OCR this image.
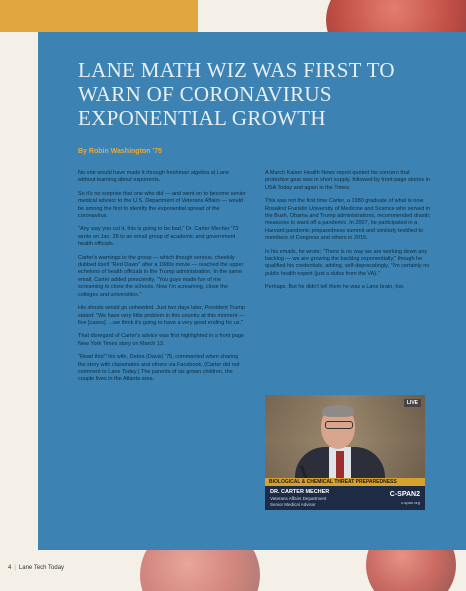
LANE MATH WIZ WAS FIRST TO WARN OF CORONAVIRUS EXPONENTIAL GROWTH

By Robin Washington '75

No one would have made it through freshman algebra at Lane without learning about exponents.

So it's no surprise that one who did — and went on to become senior medical advisor to the U.S. Department of Veterans Affairs — would be among the first to identify the exponential spread of the coronavirus.

"Any way you cut it, this is going to be bad," Dr. Carter Mecher '73 wrote on Jan. 28 to an email group of academic and government health officials.

Carter's warnings to the group — which though serious, cheekily dubbed itself "Red Dawn" after a 1980s movie — reached the upper echelons of health officials in the Trump administration. In the same email, Carter added presciently, "You guys made fun of me screaming to close the schools. Now I'm screaming, close the colleges and universities."

His shouts would go unheeded. Just two days later, President Trump stated: "We have very little problem in this country at this moment — five [cases]. ...we think it's going to have a very good ending for us."

That disregard of Carter's advice was first highlighted in a front page New York Times story on March 13.

"Read this!" his wife, Debra (Davis) '75, commented when sharing the story with classmates and others via Facebook. (Carter did not comment to Lane Today.) The parents of six grown children, the couple lives in the Atlanta area.

A March Kaiser Health News report quoted his concern that protective gear was in short supply, followed by front-page stories in USA Today and again in the Times.

This was not the first time Carter, a 1980 graduate of what is now Rosalind Franklin University of Medicine and Science who served in the Bush, Obama and Trump administrations, recommended drastic measures to ward off a pandemic. In 2007, he participated in a Harvard pandemic preparedness summit and similarly testified to members of Congress and others in 2015.

In his emails, he wrote: "There is no way we are working down any backlog — we are growing the backlog exponentially," though he qualified his credentials, adding, self-deprecatingly, "I'm certainly no public health expert (just a dufus from the VA)."

Perhaps. But he didn't tell them he was a Lane brain, too.

LIVE
BIOLOGICAL & CHEMICAL THREAT PREPAREDNESS
DR. CARTER MECHER
Veterans Affairs Department
Senior Medical Advisor
C-SPAN2
c-span.org
4 | Lane Tech Today
